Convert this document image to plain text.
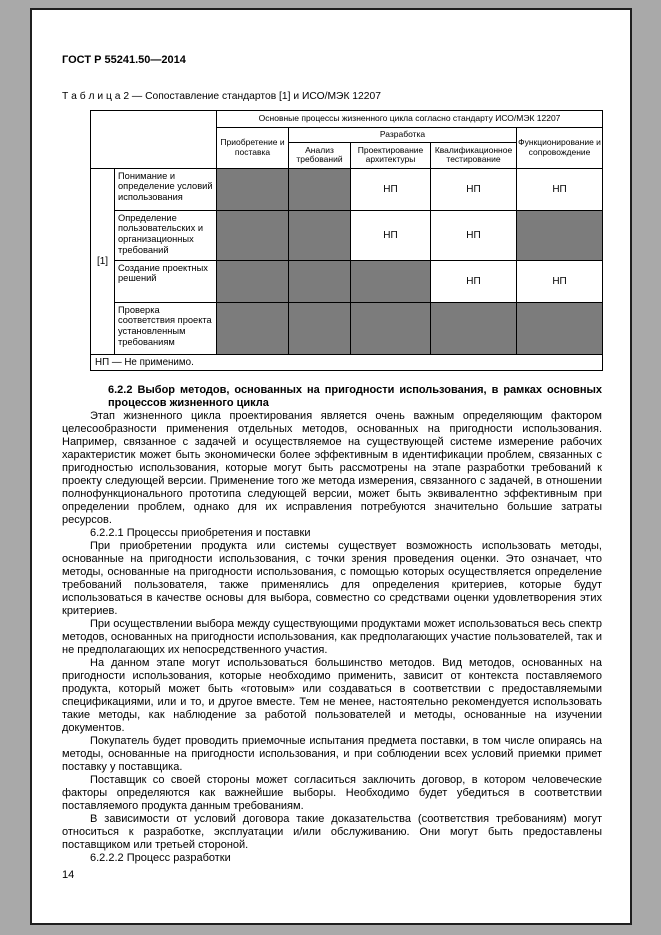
ГОСТ Р 55241.50—2014
Т а б л и ц а 2 — Сопоставление стандартов [1] и ИСО/МЭК 12207
		Основные процессы жизненного цикла согласно стандарту ИСО/МЭК 12207				
		Приобретение и поставка	Разработка			Функционирование и сопровождение
			Анализ требований	Проектирование архитектуры	Квалификационное тестирование	
[1]	Понимание и определение условий использования			НП	НП	НП
	Определение пользовательских и организационных требований			НП	НП	
	Создание проектных решений				НП	НП
	Проверка соответствия проекта установленным требованиям					
НП — Не применимо.						
6.2.2 Выбор методов, основанных на пригодности использования, в рамках основных процессов жизненного цикла

Этап жизненного цикла проектирования является очень важным определяющим фактором целесообразности применения отдельных методов, основанных на пригодности использования. Например, связанное с задачей и осуществляемое на существующей системе измерение рабочих характеристик может быть экономически более эффективным в идентификации проблем, связанных с пригодностью использования, которые могут быть рассмотрены на этапе разработки требований к проекту следующей версии. Применение того же метода измерения, связанного с задачей, в отношении полнофункционального прототипа следующей версии, может быть эквивалентно эффективным при определении проблем, однако для их исправления потребуются значительно большие затраты ресурсов.

6.2.2.1 Процессы приобретения и поставки

При приобретении продукта или системы существует возможность использовать методы, основанные на пригодности использования, с точки зрения проведения оценки. Это означает, что методы, основанные на пригодности использования, с помощью которых осуществляется определение требований пользователя, также применялись для определения критериев, которые будут использоваться в качестве основы для выбора, совместно со средствами оценки удовлетворения этих критериев.

При осуществлении выбора между существующими продуктами может использоваться весь спектр методов, основанных на пригодности использования, как предполагающих участие пользователей, так и не предполагающих их непосредственного участия.

На данном этапе могут использоваться большинство методов. Вид методов, основанных на пригодности использования, которые необходимо применить, зависит от контекста поставляемого продукта, который может быть «готовым» или создаваться в соответствии с предоставляемыми спецификациями, или и то, и другое вместе. Тем не менее, настоятельно рекомендуется использовать такие методы, как наблюдение за работой пользователей и методы, основанные на изучении документов.

Покупатель будет проводить приемочные испытания предмета поставки, в том числе опираясь на методы, основанные на пригодности использования, и при соблюдении всех условий приемки примет поставку у поставщика.

Поставщик со своей стороны может согласиться заключить договор, в котором человеческие факторы определяются как важнейшие выборы. Необходимо будет убедиться в соответствии поставляемого продукта данным требованиям.

В зависимости от условий договора такие доказательства (соответствия требованиям) могут относиться к разработке, эксплуатации и/или обслуживанию. Они могут быть предоставлены поставщиком или третьей стороной.

6.2.2.2 Процесс разработки

14
